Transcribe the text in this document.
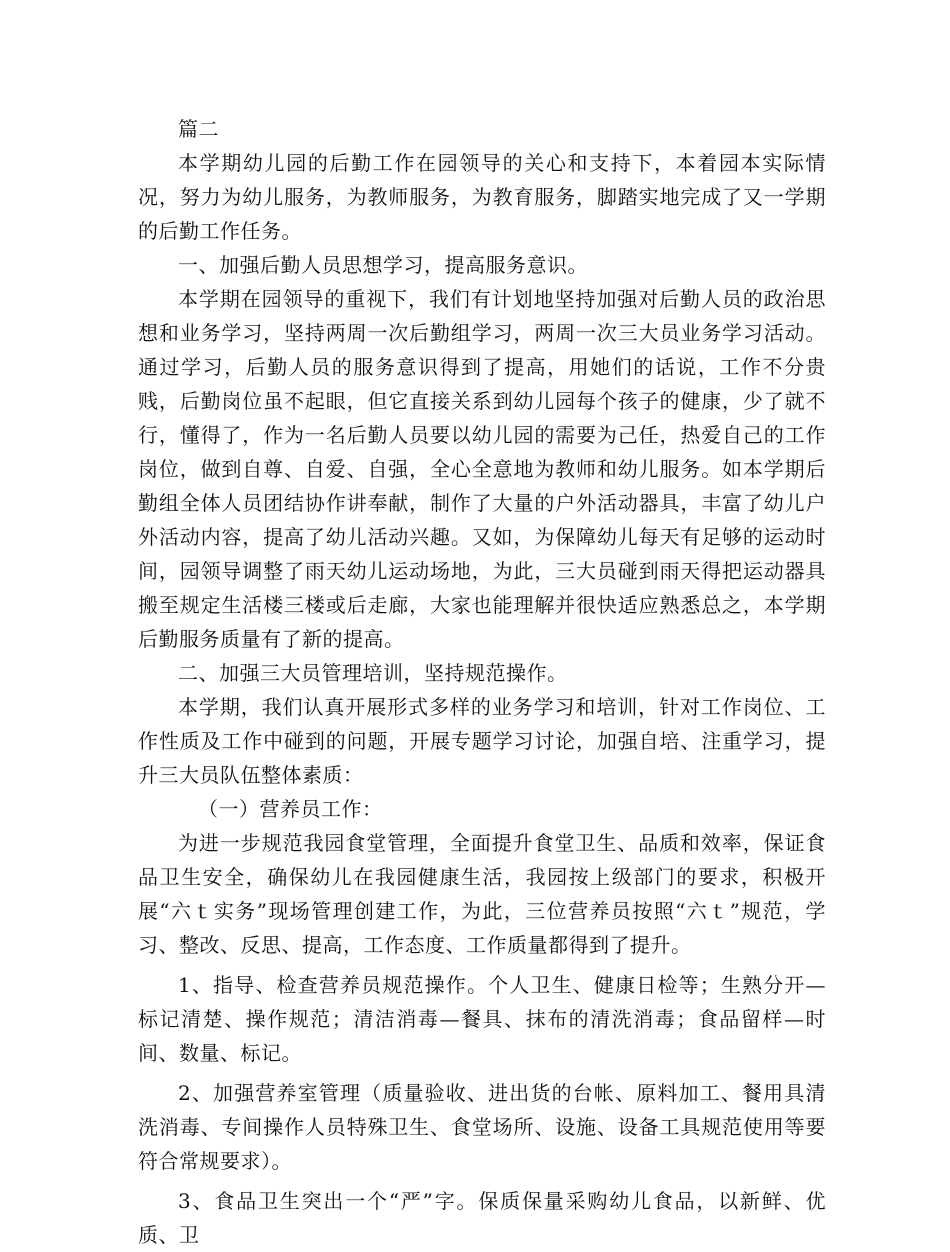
篇二

本学期幼儿园的后勤工作在园领导的关心和支持下，本着园本实际情况，努力为幼儿服务，为教师服务，为教育服务，脚踏实地完成了又一学期的后勤工作任务。

一、加强后勤人员思想学习，提高服务意识。

本学期在园领导的重视下，我们有计划地坚持加强对后勤人员的政治思想和业务学习，坚持两周一次后勤组学习，两周一次三大员业务学习活动。通过学习，后勤人员的服务意识得到了提高，用她们的话说，工作不分贵贱，后勤岗位虽不起眼，但它直接关系到幼儿园每个孩子的健康，少了就不行，懂得了，作为一名后勤人员要以幼儿园的需要为己任，热爱自己的工作岗位，做到自尊、自爱、自强，全心全意地为教师和幼儿服务。如本学期后勤组全体人员团结协作讲奉献，制作了大量的户外活动器具，丰富了幼儿户外活动内容，提高了幼儿活动兴趣。又如，为保障幼儿每天有足够的运动时间，园领导调整了雨天幼儿运动场地，为此，三大员碰到雨天得把运动器具搬至规定生活楼三楼或后走廊，大家也能理解并很快适应熟悉总之，本学期后勤服务质量有了新的提高。

二、加强三大员管理培训，坚持规范操作。

本学期，我们认真开展形式多样的业务学习和培训，针对工作岗位、工作性质及工作中碰到的问题，开展专题学习讨论，加强自培、注重学习，提升三大员队伍整体素质：

（一）营养员工作：

为进一步规范我园食堂管理，全面提升食堂卫生、品质和效率，保证食品卫生安全，确保幼儿在我园健康生活，我园按上级部门的要求，积极开展“六ｔ实务”现场管理创建工作，为此，三位营养员按照“六ｔ”规范，学习、整改、反思、提高，工作态度、工作质量都得到了提升。

1、指导、检查营养员规范操作。个人卫生、健康日检等；生熟分开—标记清楚、操作规范；清洁消毒—餐具、抹布的清洗消毒；食品留样—时间、数量、标记。

2、加强营养室管理（质量验收、进出货的台帐、原料加工、餐用具清洗消毒、专间操作人员特殊卫生、食堂场所、设施、设备工具规范使用等要符合常规要求）。

3、食品卫生突出一个“严”字。保质保量采购幼儿食品，以新鲜、优质、卫
